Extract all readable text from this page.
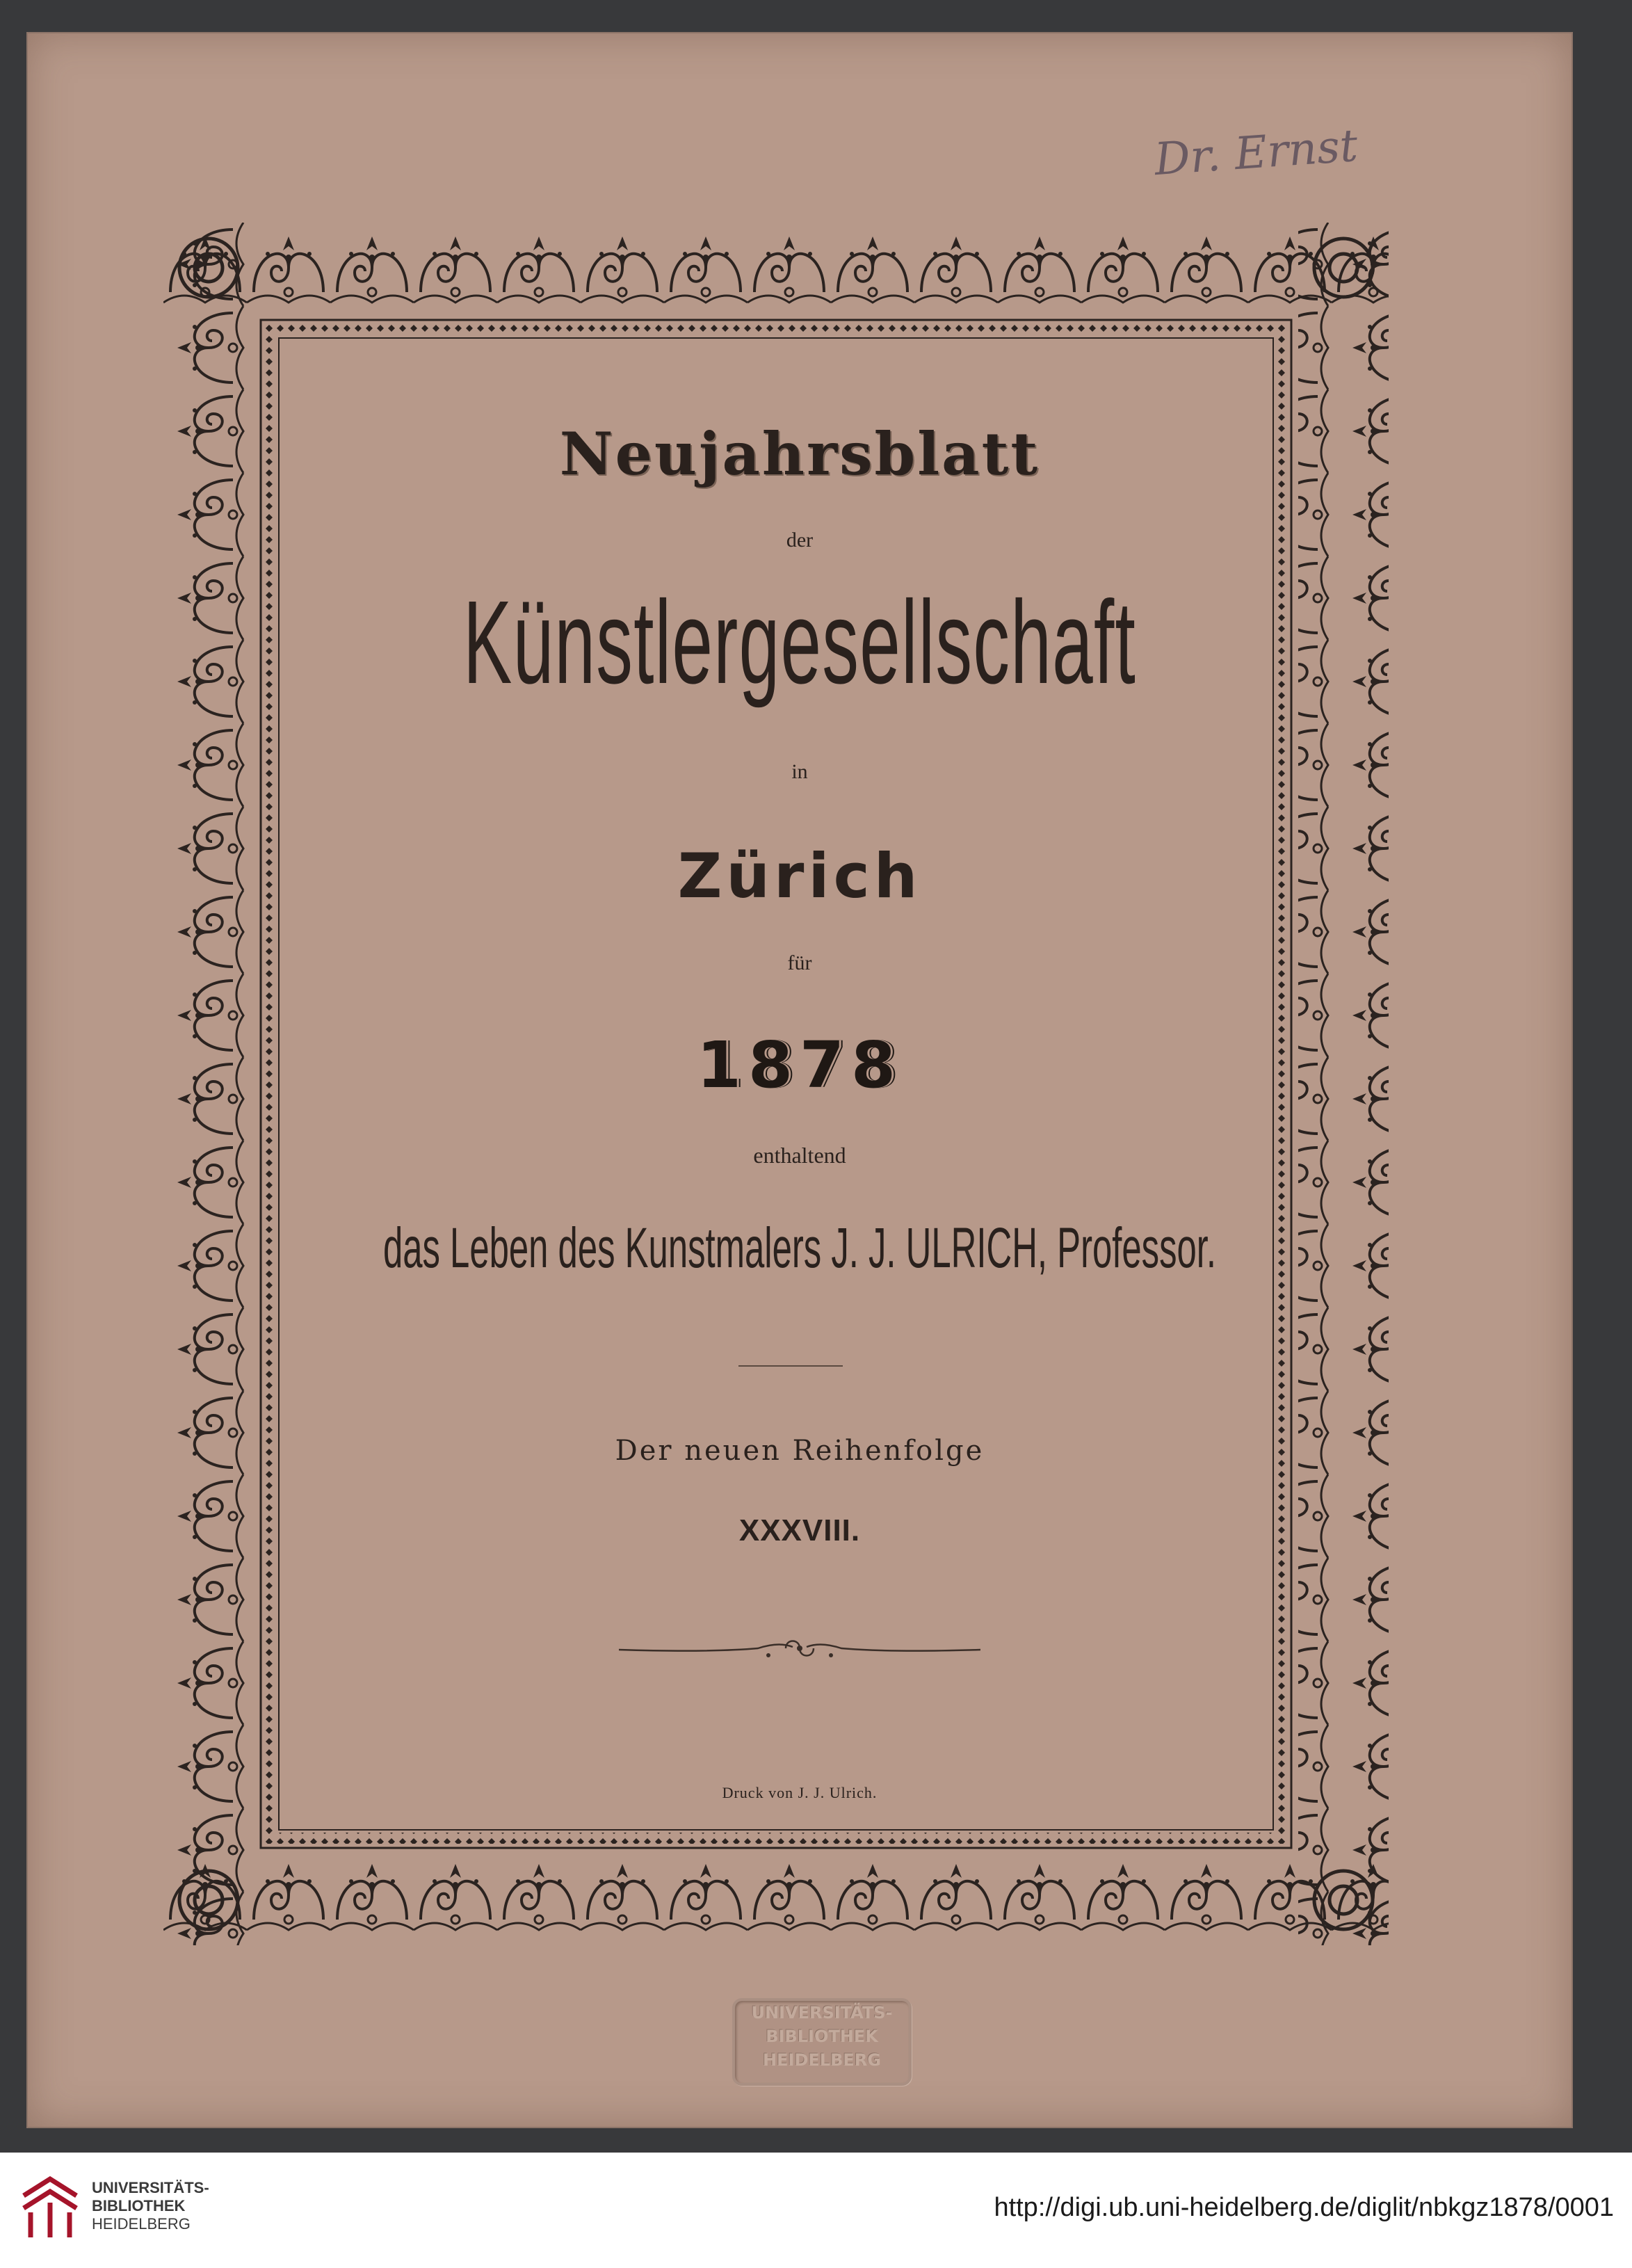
Dr. Ernst
Neujahrsblatt
der
Künstlergesellschaft
in
Zürich
für
1878
enthaltend
das Leben des Kunstmalers J. J. ULRICH, Professor.
Der neuen Reihenfolge
XXXVIII.
Druck von J. J. Ulrich.
UNIVERSITÄTS-
BIBLIOTHEK
HEIDELBERG
UNIVERSITÄTS-
BIBLIOTHEK
HEIDELBERG
http://digi.ub.uni-heidelberg.de/diglit/nbkgz1878/0001
